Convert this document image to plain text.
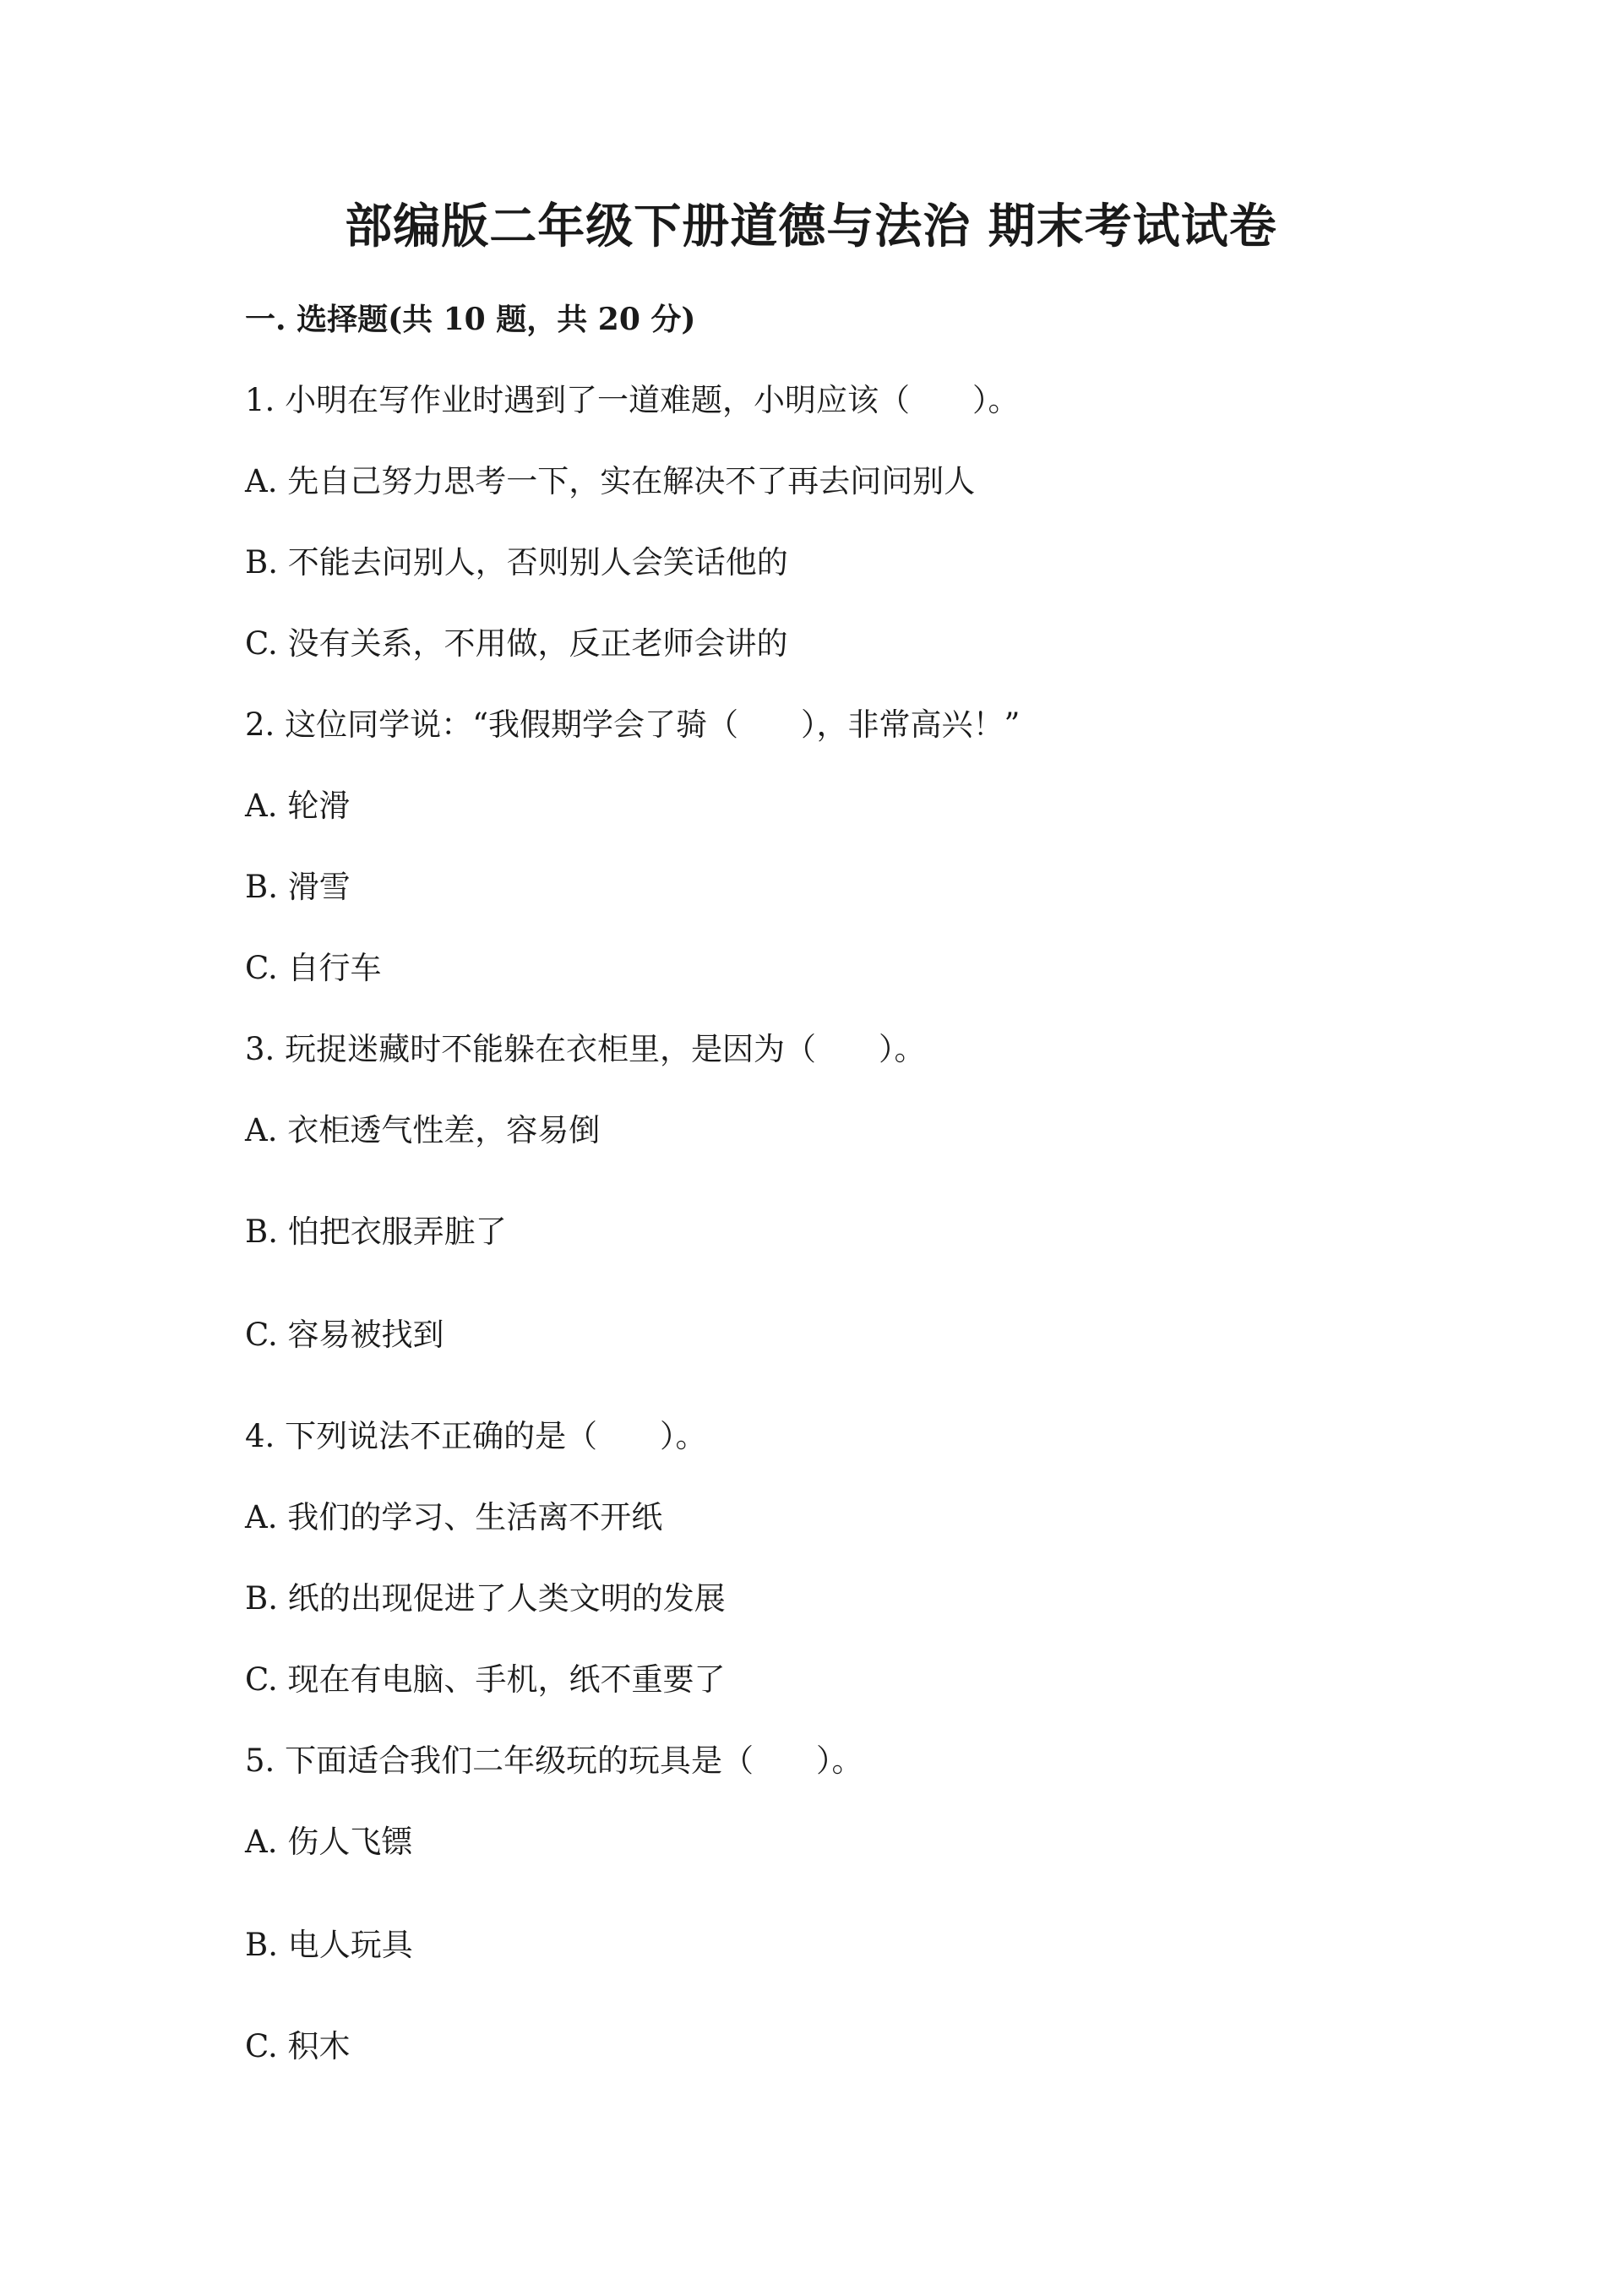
部编版二年级下册道德与法治 期末考试试卷
一. 选择题(共 10 题，共 20 分)

1. 小明在写作业时遇到了一道难题，小明应该（　　）。

A. 先自己努力思考一下，实在解决不了再去问问别人

B. 不能去问别人，否则别人会笑话他的

C. 没有关系，不用做，反正老师会讲的

2. 这位同学说：“我假期学会了骑（　　），非常高兴！”

A. 轮滑

B. 滑雪

C. 自行车

3. 玩捉迷藏时不能躲在衣柜里，是因为（　　）。

A. 衣柜透气性差，容易倒

B. 怕把衣服弄脏了

C. 容易被找到

4. 下列说法不正确的是（　　）。

A. 我们的学习、生活离不开纸

B. 纸的出现促进了人类文明的发展

C. 现在有电脑、手机，纸不重要了

5. 下面适合我们二年级玩的玩具是（　　）。

A. 伤人飞镖

B. 电人玩具

C. 积木
